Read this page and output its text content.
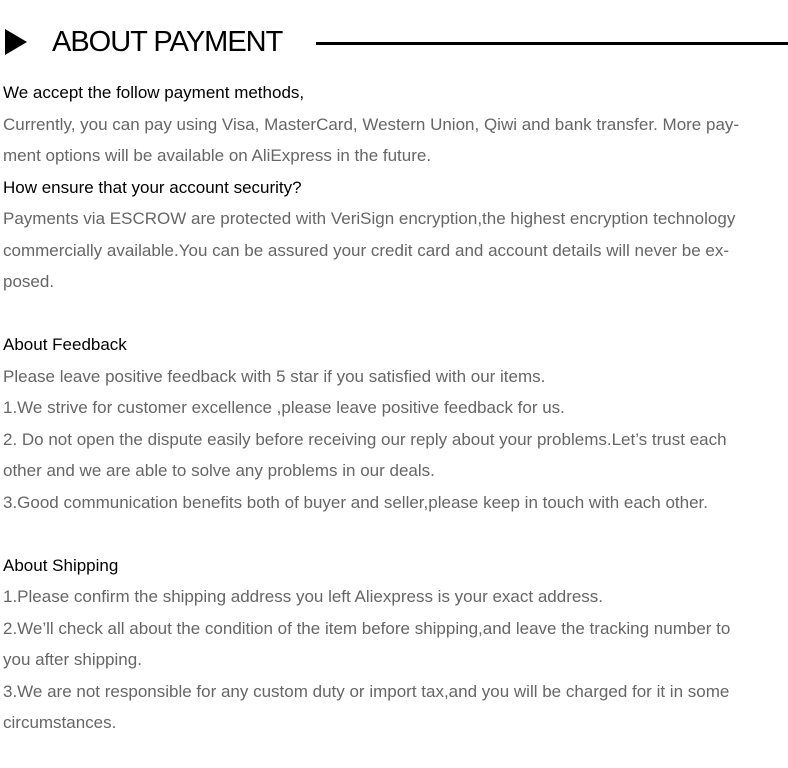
ABOUT PAYMENT
We accept the follow payment methods,
Currently, you can pay using Visa, MasterCard, Western Union, Qiwi and bank transfer. More pay-
ment options will be available on AliExpress in the future.
How ensure that your account security?
Payments via ESCROW are protected with VeriSign encryption,the highest encryption technology
commercially available.You can be assured your credit card and account details will never be ex-
posed.
About Feedback
Please leave positive feedback with 5 star if you satisfied with our items.
1.We strive for customer excellence ,please leave positive feedback for us.
2. Do not open the dispute easily before receiving our reply about your problems.Let’s trust each
other and we are able to solve any problems in our deals.
3.Good communication benefits both of buyer and seller,please keep in touch with each other.
About Shipping
1.Please confirm the shipping address you left Aliexpress is your exact address.
2.We’ll check all about the condition of the item before shipping,and leave the tracking number to
you after shipping.
3.We are not responsible for any custom duty or import tax,and you will be charged for it in some
circumstances.
